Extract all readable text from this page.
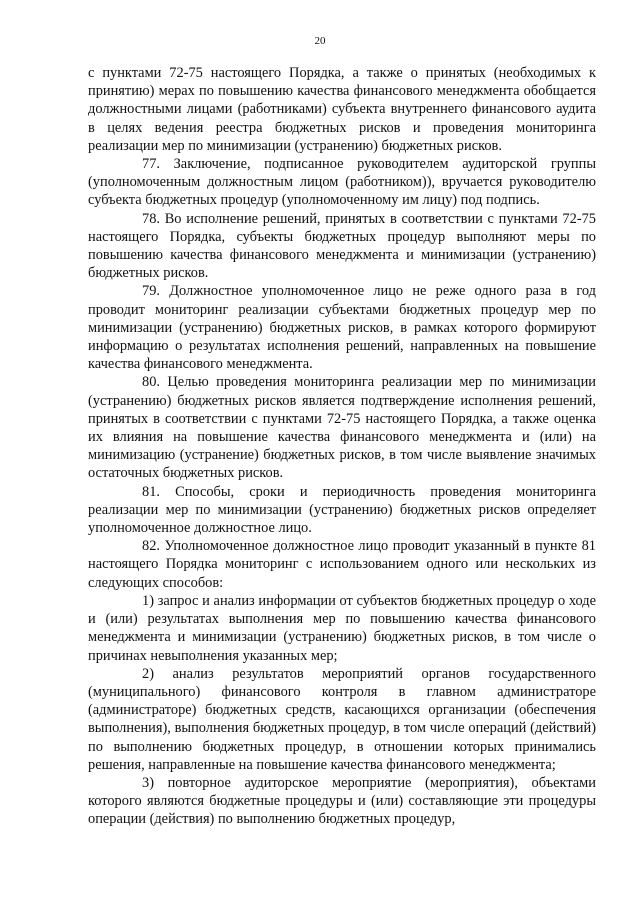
20

с пунктами 72-75 настоящего Порядка, а также о принятых (необходимых к принятию) мерах по повышению качества финансового менеджмента обобщается должностными лицами (работниками) субъекта внутреннего финансового аудита в целях ведения реестра бюджетных рисков и проведения мониторинга реализации мер по минимизации (устранению) бюджетных рисков.

77. Заключение, подписанное руководителем аудиторской группы (уполномоченным должностным лицом (работником)), вручается руководителю субъекта бюджетных процедур (уполномоченному им лицу) под подпись.

78. Во исполнение решений, принятых в соответствии с пунктами 72-75 настоящего Порядка, субъекты бюджетных процедур выполняют меры по повышению качества финансового менеджмента и минимизации (устранению) бюджетных рисков.

79. Должностное уполномоченное лицо не реже одного раза в год проводит мониторинг реализации субъектами бюджетных процедур мер по минимизации (устранению) бюджетных рисков, в рамках которого формируют информацию о результатах исполнения решений, направленных на повышение качества финансового менеджмента.

80. Целью проведения мониторинга реализации мер по минимизации (устранению) бюджетных рисков является подтверждение исполнения решений, принятых в соответствии с пунктами 72-75 настоящего Порядка, а также оценка их влияния на повышение качества финансового менеджмента и (или) на минимизацию (устранение) бюджетных рисков, в том числе выявление значимых остаточных бюджетных рисков.

81. Способы, сроки и периодичность проведения мониторинга реализации мер по минимизации (устранению) бюджетных рисков определяет уполномоченное должностное лицо.

82. Уполномоченное должностное лицо проводит указанный в пункте 81 настоящего Порядка мониторинг с использованием одного или нескольких из следующих способов:

1) запрос и анализ информации от субъектов бюджетных процедур о ходе и (или) результатах выполнения мер по повышению качества финансового менеджмента и минимизации (устранению) бюджетных рисков, в том числе о причинах невыполнения указанных мер;

2) анализ результатов мероприятий органов государственного (муниципального) финансового контроля в главном администраторе (администраторе) бюджетных средств, касающихся организации (обеспечения выполнения), выполнения бюджетных процедур, в том числе операций (действий) по выполнению бюджетных процедур, в отношении которых принимались решения, направленные на повышение качества финансового менеджмента;

3) повторное аудиторское мероприятие (мероприятия), объектами которого являются бюджетные процедуры и (или) составляющие эти процедуры операции (действия) по выполнению бюджетных процедур,
